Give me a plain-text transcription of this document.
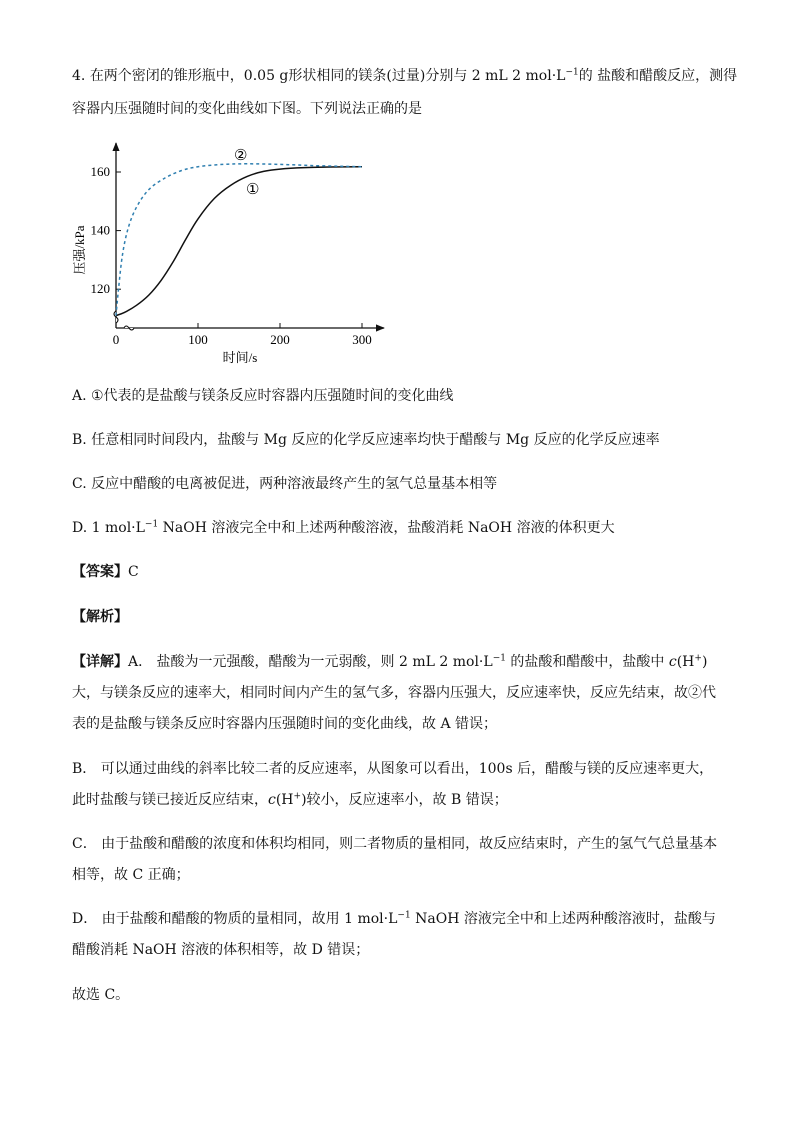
4. 在两个密闭的锥形瓶中，0.05 g形状相同的镁条(过量)分别与 2 mL 2 $mol\cdot L^{-1}$的 盐酸和醋酸反应，测得
容器内压强随时间的变化曲线如下图。下列说法正确的是
120
140
160
0	100	200	300
时间/s
压强/kPa
①
②
A. ①代表的是盐酸与镁条反应时容器内压强随时间的变化曲线
B. 任意相同时间段内，盐酸与 Mg 反应的化学反应速率均快于醋酸与 Mg 反应的化学反应速率
C. 反应中醋酸的电离被促进，两种溶液最终产生的氢气总量基本相等
D. 1 $mol\cdot L^{-1}$ NaOH 溶液完全中和上述两种酸溶液，盐酸消耗 NaOH 溶液的体积更大
【答案】C
【解析】
【详解】A． 盐酸为一元强酸，醋酸为一元弱酸，则 2 mL 2 $mol\cdot L^{-1}$ 的盐酸和醋酸中，盐酸中 c(H+)大，与镁条反应的速率大，相同时间内产生的氢气多，容器内压强大，反应速率快，反应先结束，故②代表的是盐酸与镁条反应时容器内压强随时间的变化曲线，故 A 错误；
B． 可以通过曲线的斜率比较二者的反应速率，从图象可以看出，100s 后，醋酸与镁的反应速率更大，此时盐酸与镁已接近反应结束，c(H+)较小，反应速率小，故 B 错误；
C． 由于盐酸和醋酸的浓度和体积均相同，则二者物质的量相同，故反应结束时，产生的氢气气总量基本相等，故 C 正确；
D． 由于盐酸和醋酸的物质的量相同，故用 1 $mol\cdot L^{-1}$ NaOH 溶液完全中和上述两种酸溶液时，盐酸与醋酸消耗 NaOH 溶液的体积相等，故 D 错误；
故选 C。
